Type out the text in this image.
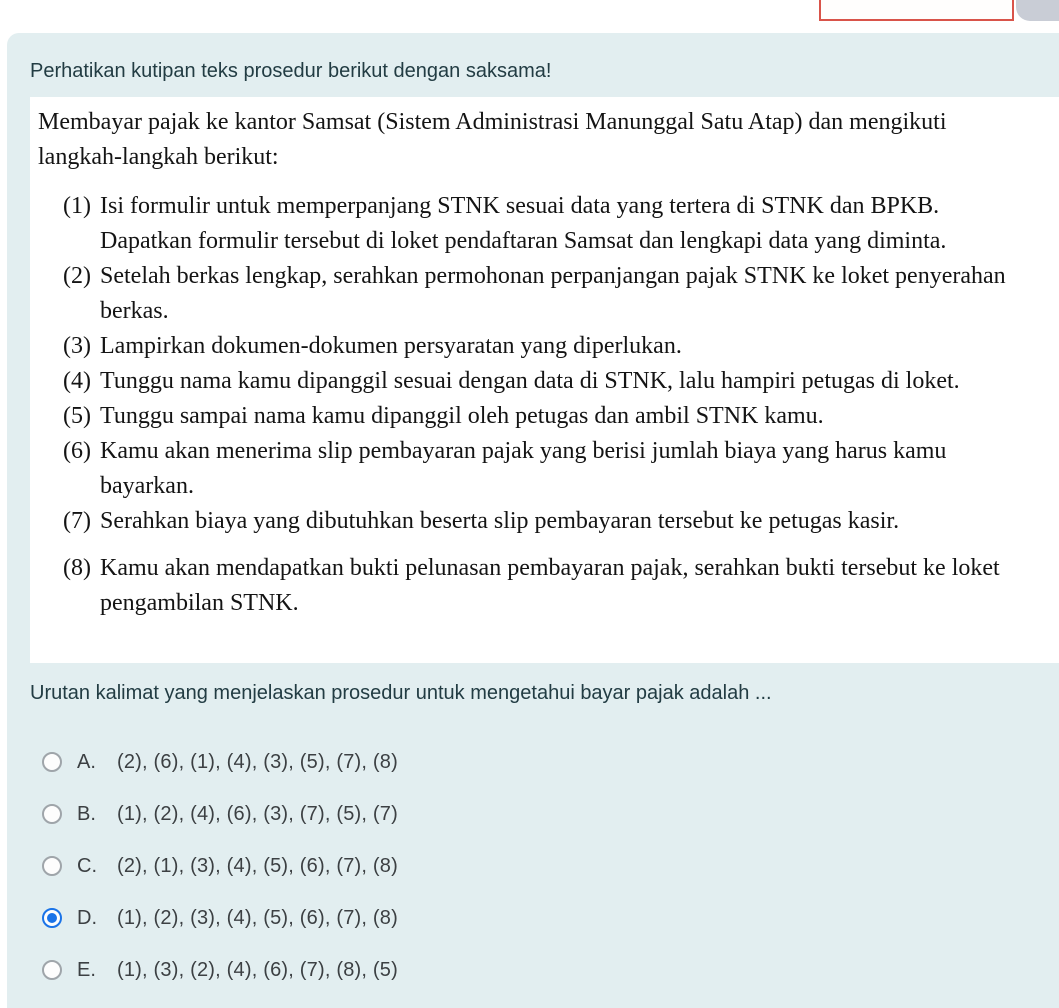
Perhatikan kutipan teks prosedur berikut dengan saksama!

Membayar pajak ke kantor Samsat (Sistem Administrasi Manunggal Satu Atap) dan mengikuti langkah-langkah berikut:

(1) Isi formulir untuk memperpanjang STNK sesuai data yang tertera di STNK dan BPKB. Dapatkan formulir tersebut di loket pendaftaran Samsat dan lengkapi data yang diminta.
(2) Setelah berkas lengkap, serahkan permohonan perpanjangan pajak STNK ke loket penyerahan berkas.
(3) Lampirkan dokumen-dokumen persyaratan yang diperlukan.
(4) Tunggu nama kamu dipanggil sesuai dengan data di STNK, lalu hampiri petugas di loket.
(5) Tunggu sampai nama kamu dipanggil oleh petugas dan ambil STNK kamu.
(6) Kamu akan menerima slip pembayaran pajak yang berisi jumlah biaya yang harus kamu bayarkan.
(7) Serahkan biaya yang dibutuhkan beserta slip pembayaran tersebut ke petugas kasir.
(8) Kamu akan mendapatkan bukti pelunasan pembayaran pajak, serahkan bukti tersebut ke loket pengambilan STNK.
Urutan kalimat yang menjelaskan prosedur untuk mengetahui bayar pajak adalah ...
A.	(2), (6), (1), (4), (3), (5), (7), (8)
B.	(1), (2), (4), (6), (3), (7), (5), (7)
C.	(2), (1), (3), (4), (5), (6), (7), (8)
D.	(1), (2), (3), (4), (5), (6), (7), (8)
E.	(1), (3), (2), (4), (6), (7), (8), (5)
